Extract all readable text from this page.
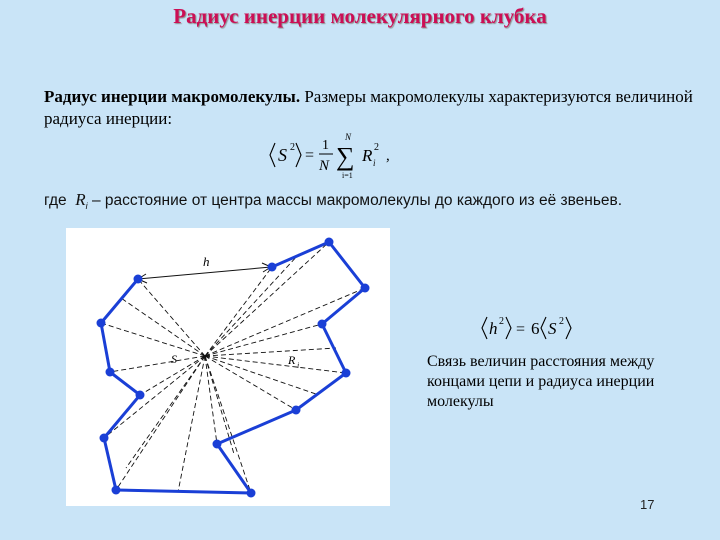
Радиус инерции молекулярного клубка
Радиус инерции макромолекулы. Размеры макромолекулы характеризуются величиной радиуса инерции:
S 2 =
1
N
N
∑
i=1
R 2
i ,
где $R_i$ – расстояние от центра массы макромолекулы до каждого из её звеньев.
h
S	R i
h 2 = 6 S 2
Связь величин расстояния между концами цепи и радиуса инерции молекулы
17
